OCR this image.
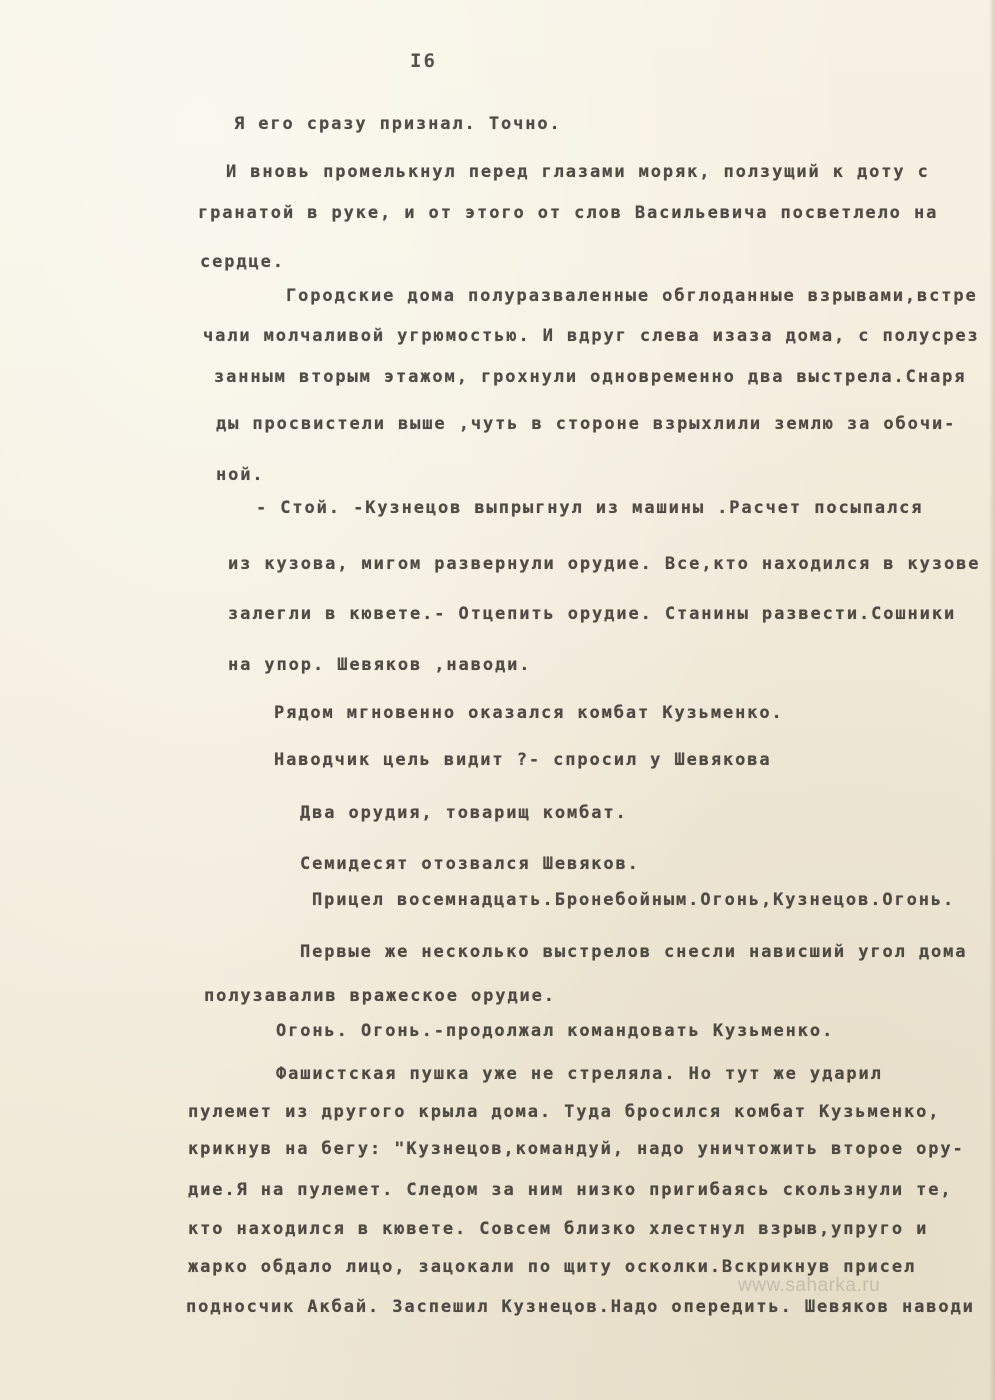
I6
Я его сразу признал. Точно.
И вновь промелькнул перед глазами моряк, ползущий к доту с
гранатой в руке, и от этого от слов Васильевича посветлело на
сердце.
Городские дома полуразваленные обглоданные взрывами,встре
чали молчаливой угрюмостью. И вдруг слева изаза дома, с полусрез
занным вторым этажом, грохнули одновременно два выстрела.Снаря
ды просвистели выше ,чуть в стороне взрыхлили землю за обочи-
ной.
- Стой. -Кузнецов выпрыгнул из машины .Расчет посыпался
из кузова, мигом развернули орудие. Все,кто находился в кузове
залегли в кювете.- Отцепить орудие. Станины развести.Сошники
на упор. Шевяков ,наводи.
Рядом мгновенно оказался комбат Кузьменко.
Наводчик цель видит ?- спросил у Шевякова
Два орудия, товарищ комбат.
Семидесят отозвался Шевяков.
Прицел восемнадцать.Бронебойным.Огонь,Кузнецов.Огонь.
Первые же несколько выстрелов снесли нависший угол дома
полузавалив вражеское орудие.
Огонь. Огонь.-продолжал командовать Кузьменко.
Фашистская пушка уже не стреляла. Но тут же ударил
пулемет из другого крыла дома. Туда бросился комбат Кузьменко,
крикнув на бегу: "Кузнецов,командуй, надо уничтожить второе ору-
дие.Я на пулемет. Следом за ним низко пригибаясь скользнули те,
кто находился в кювете. Совсем близко хлестнул взрыв,упруго и
жарко обдало лицо, зацокали по щиту осколки.Вскрикнув присел
подносчик Акбай. Заспешил Кузнецов.Надо опередить. Шевяков наводи
www.saharka.ru
